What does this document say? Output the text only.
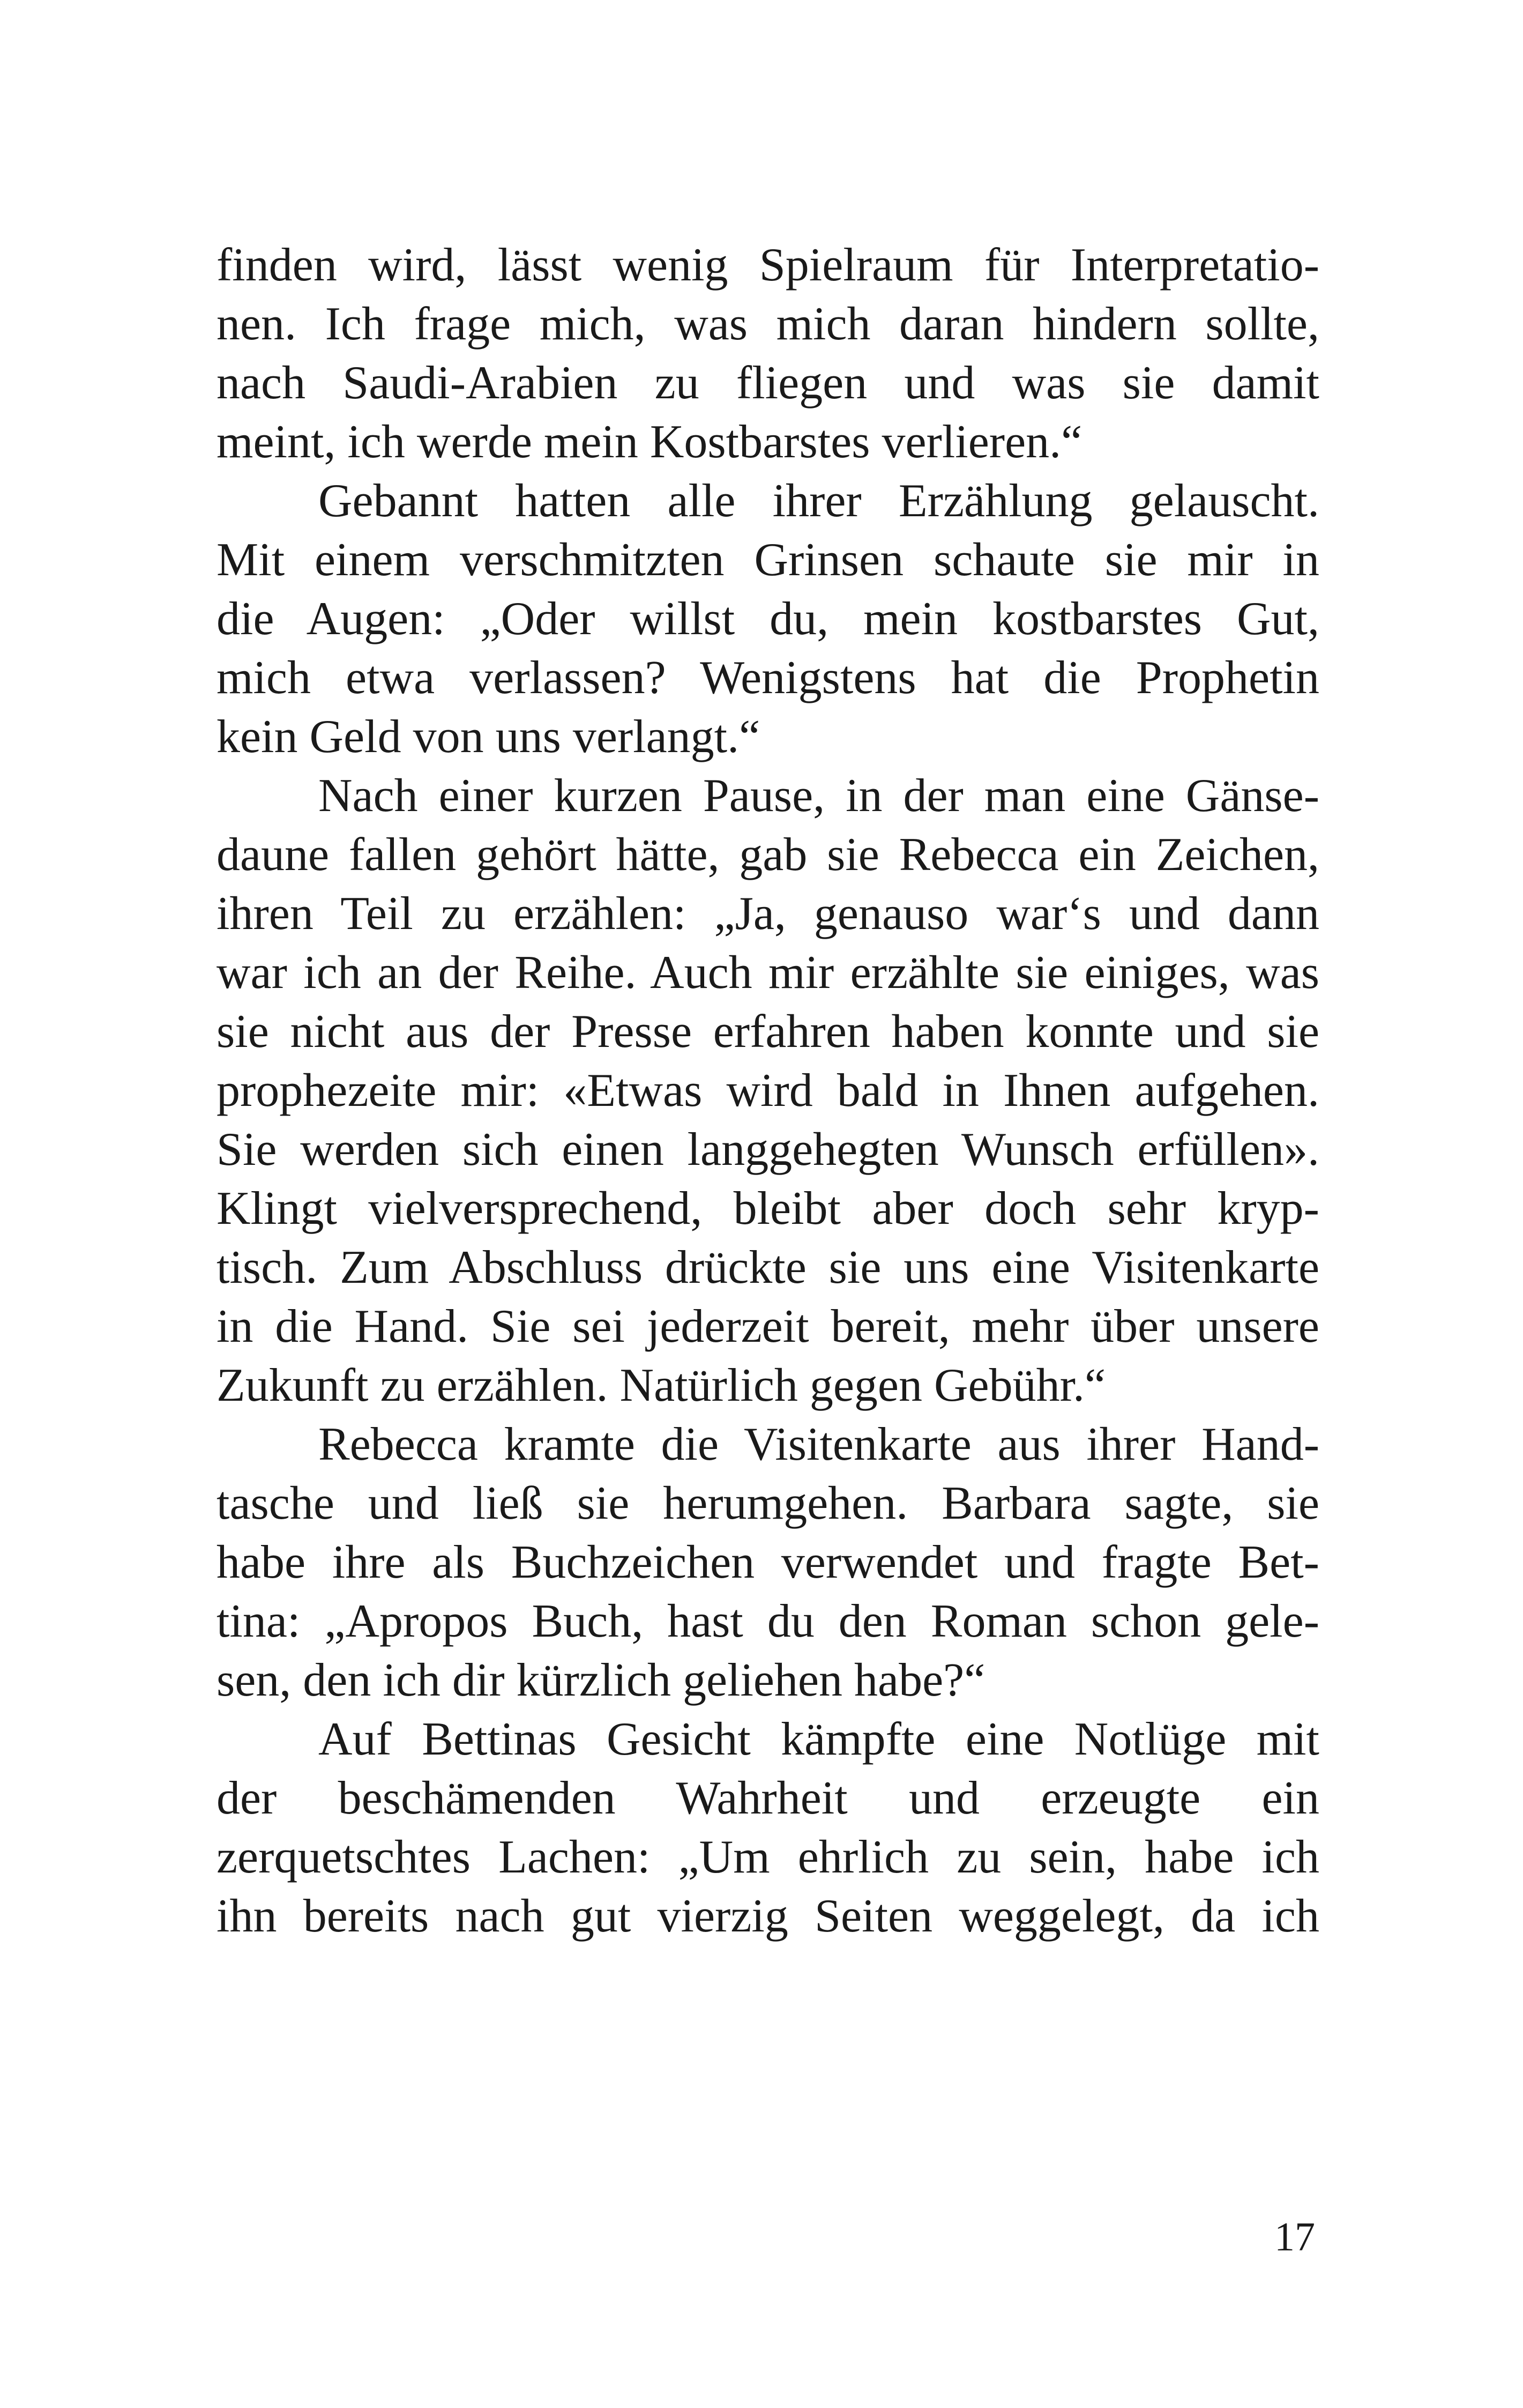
finden wird, lässt wenig Spielraum für Interpretatio-
nen. Ich frage mich, was mich daran hindern sollte,
nach Saudi-Arabien zu fliegen und was sie damit
meint, ich werde mein Kostbarstes verlieren.“
Gebannt hatten alle ihrer Erzählung gelauscht.
Mit einem verschmitzten Grinsen schaute sie mir in
die Augen: „Oder willst du, mein kostbarstes Gut,
mich etwa verlassen? Wenigstens hat die Prophetin
kein Geld von uns verlangt.“
Nach einer kurzen Pause, in der man eine Gänse-
daune fallen gehört hätte, gab sie Rebecca ein Zeichen,
ihren Teil zu erzählen: „Ja, genauso war‘s und dann
war ich an der Reihe. Auch mir erzählte sie einiges, was
sie nicht aus der Presse erfahren haben konnte und sie
prophezeite mir: «Etwas wird bald in Ihnen aufgehen.
Sie werden sich einen langgehegten Wunsch erfüllen».
Klingt vielversprechend, bleibt aber doch sehr kryp-
tisch. Zum Abschluss drückte sie uns eine Visitenkarte
in die Hand. Sie sei jederzeit bereit, mehr über unsere
Zukunft zu erzählen. Natürlich gegen Gebühr.“
Rebecca kramte die Visitenkarte aus ihrer Hand-
tasche und ließ sie herumgehen. Barbara sagte, sie
habe ihre als Buchzeichen verwendet und fragte Bet-
tina: „Apropos Buch, hast du den Roman schon gele-
sen, den ich dir kürzlich geliehen habe?“
Auf Bettinas Gesicht kämpfte eine Notlüge mit
der beschämenden Wahrheit und erzeugte ein
zerquetschtes Lachen: „Um ehrlich zu sein, habe ich
ihn bereits nach gut vierzig Seiten weggelegt, da ich
17
